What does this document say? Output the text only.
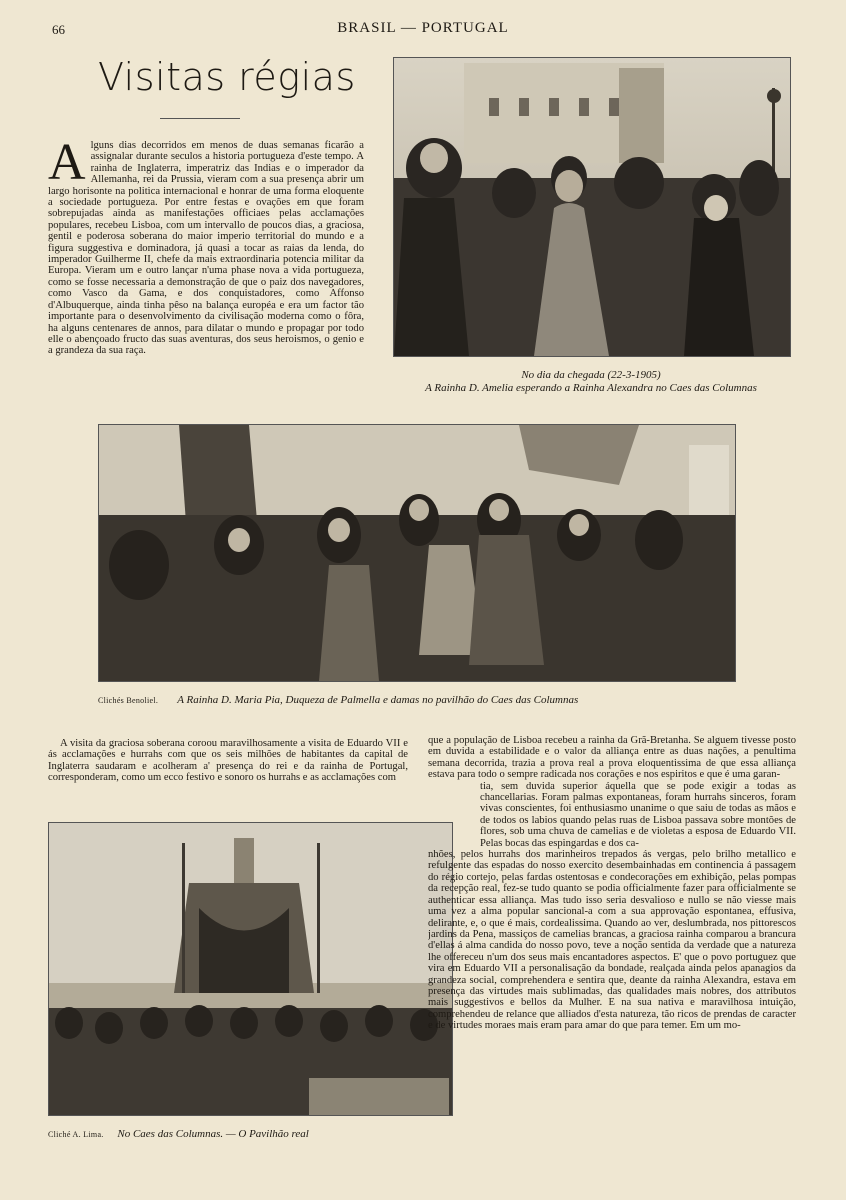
66	BRASIL — PORTUGAL
Visitas régias
A lguns dias decorridos em menos de duas semanas ficarão a assignalar durante seculos a historia portugueza d'este tempo. A rainha de Inglaterra, imperatriz das Indias e o imperador da Allemanha, rei da Prussia, vieram com a sua presença abrir um largo horisonte na politica internacional e honrar de uma forma eloquente a sociedade portugueza. Por entre festas e ovações em que foram sobrepujadas ainda as manifestações officiaes pelas acclamações populares, recebeu Lisboa, com um intervallo de poucos dias, a graciosa, gentil e poderosa soberana do maior imperio territorial do mundo e a figura suggestiva e dominadora, já quasi a tocar as raias da lenda, do imperador Guilherme II, chefe da mais extraordinaria potencia militar da Europa. Vieram um e outro lançar n'uma phase nova a vida portugueza, como se fosse necessaria a demonstração de que o paiz dos navegadores, como Vasco da Gama, e dos conquistadores, como Affonso d'Albuquerque, ainda tinha pêso na balança européa e era um factor tão importante para o desenvolvimento da civilisação moderna como o fôra, ha alguns centenares de annos, para dilatar o mundo e propagar por todo elle o abençoado fructo das suas aventuras, dos seus heroismos, o genio e a grandeza da sua raça.
No dia da chegada (22-3-1905)
A Rainha D. Amelia esperando a Rainha Alexandra no Caes das Columnas
Clichés Benoliel. A Rainha D. Maria Pia, Duqueza de Palmella e damas no pavilhão do Caes das Columnas
A visita da graciosa soberana coroou maravilhosamente a visita de Eduardo VII e ás acclamações e hurrahs com que os seis milhões de habitantes da capital de Inglaterra saudaram e acolheram a' presença do rei e da rainha de Portugal, corresponderam, como um ecco festivo e sonoro os hurrahs e as acclamações com
Cliché A. Lima. No Caes das Columnas. — O Pavilhão real

que a população de Lisboa recebeu a rainha da Grã-Bretanha. Se alguem tivesse posto em duvida a estabilidade e o valor da alliança entre as duas nações, a penultima semana decorrida, trazia a prova real a prova eloquentissima de que essa alliança estava para todo o sempre radicada nos corações e nos espiritos e que é uma garan-

tia, sem duvida superior áquella que se pode exigir a todas as chancellarias. Foram palmas expontaneas, foram hurrahs sinceros, foram vivas conscientes, foi enthusiasmo unanime o que saiu de todas as mãos e de todos os labios quando pelas ruas de Lisboa passava sobre montões de flores, sob uma chuva de camelias e de violetas a esposa de Eduardo VII. Pelas bocas das espingardas e dos ca-

nhões, pelos hurrahs dos marinheiros trepados ás vergas, pelo brilho metallico e refulgente das espadas do nosso exercito desembainhadas em continencia á passagem do régio cortejo, pelas fardas ostentosas e condecorações em exhibição, pelas pompas da recepção real, fez-se tudo quanto se podia officialmente fazer para officialmente se authenticar essa alliança. Mas tudo isso seria desvalioso e nullo se não viesse mais uma vez a alma popular sancional-a com a sua approvação espontanea, effusiva, delirante, e, o que é mais, cordealissima. Quando ao ver, deslumbrada, nos pittorescos jardins da Pena, massiços de camelias brancas, a graciosa rainha comparou a brancura d'ellas á alma candida do nosso povo, teve a noção sentida da verdade que a natureza lhe offereceu n'um dos seus mais encantadores aspectos. E' que o povo portuguez que vira em Eduardo VII a personalisação da bondade, realçada ainda pelos apanagios da grandeza social, comprehendera e sentira que, deante da rainha Alexandra, estava em presença das virtudes mais sublimadas, das qualidades mais nobres, dos attributos mais suggestivos e bellos da Mulher. E na sua nativa e maravilhosa intuição, comprehendeu de relance que alliados d'esta natureza, tão ricos de prendas de caracter e de virtudes moraes mais eram para amar do que para temer. Em um mo-
